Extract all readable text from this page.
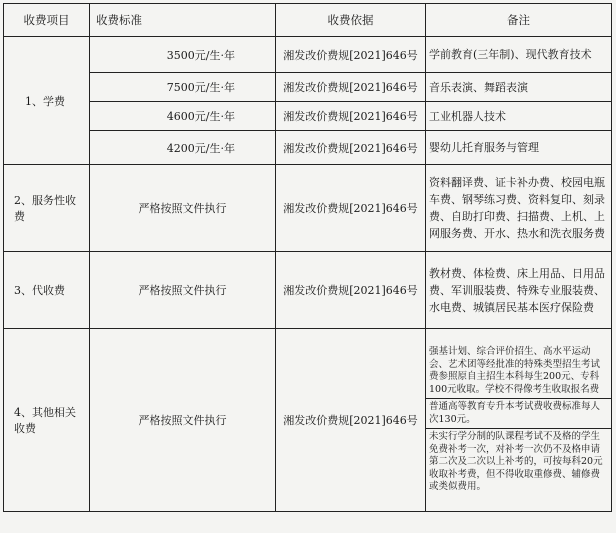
收费项目	收费标准	收费依据	备注
1、学费	3500元/生·年	湘发改价费规[2021]646号	学前教育(三年制)、现代教育技术
	7500元/生·年	湘发改价费规[2021]646号	音乐表演、舞蹈表演
	4600元/生·年	湘发改价费规[2021]646号	工业机器人技术
	4200元/生·年	湘发改价费规[2021]646号	婴幼儿托育服务与管理
2、服务性收费	严格按照文件执行	湘发改价费规[2021]646号	资料翻译费、证卡补办费、校园电瓶车费、钢琴练习费、资料复印、刻录费、自助打印费、扫描费、上机、上网服务费、开水、热水和洗衣服务费
3、代收费	严格按照文件执行	湘发改价费规[2021]646号	教材费、体检费、床上用品、日用品费、军训服装费、特殊专业服装费、水电费、城镇居民基本医疗保险费
4、其他相关收费	严格按照文件执行	湘发改价费规[2021]646号	强基计划、综合评价招生、高水平运动会、艺术团等经批准的特殊类型招生考试费参照原自主招生本科每生200元、专科100元收取。学校不得像考生收取报名费
普通高等教育专升本考试费收费标准每人次130元。
未实行学分制的队课程考试不及格的学生免费补考一次，对补考一次仍不及格申请第二次及二次以上补考的，可按每科20元收取补考费，但不得收取重修费、辅修费或类似费用。
